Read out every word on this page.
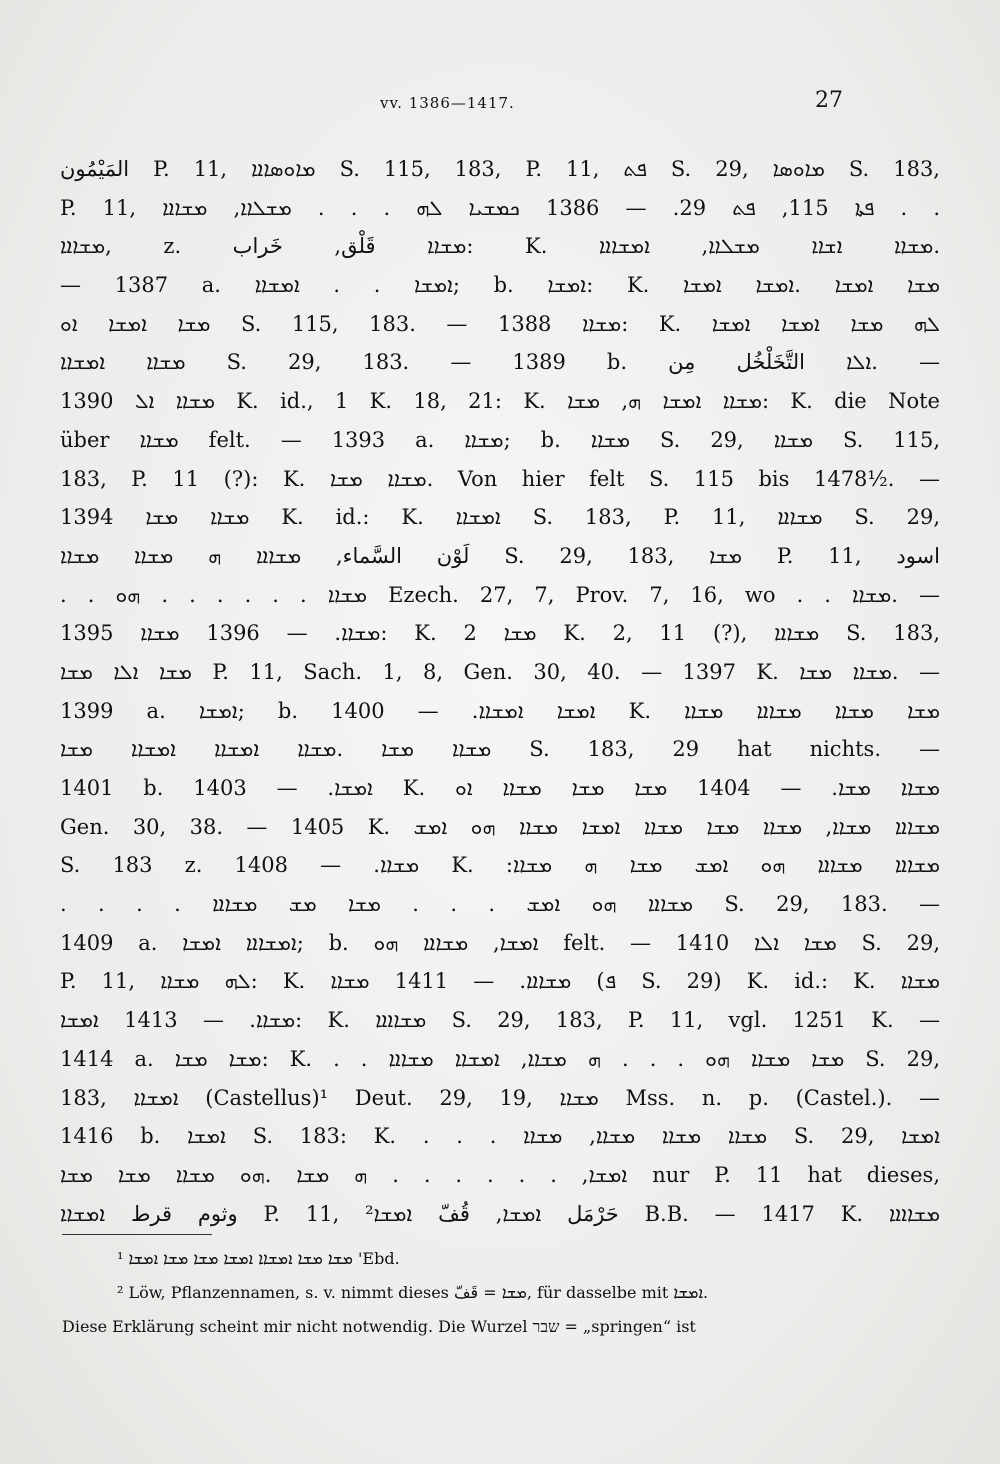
vv. 1386—1417.	27
المَيْمُون P. 11, ܡܐܘܣܐܐܐ S. 115, 183, P. 11, ܦܬ S. 29, ܡܐܘܣܐ S. 183,
P. 11, ܦܬܐ 115, ܦܬ 29. — 1386 ܟܡܫܝܐ ܠܗ . . . ܡܫܠܐܐ, ܡܫܐܐܐ . .
ܡܫܐܐܐ, z. ܡܫܐܐ قَلْق, خَراب: K. ܡܫܐܐ ܐܫܐܐ ܡܫܠܐܐ, ܐܡܫܐܐܐ.
— 1387 a. ܐܡܫܐ . . ܐܡܫܐܐ; b. ܐܡܫܐ: K. ܡܫܐ ܐܡܫܐ .ܐܡܫܐ ܐܡܫܐ
ܡܫܐ ܐܡܫܐ ܐܘ S. 115, 183. — 1388 ܡܫܐܐ: K. ܠܗ ܡܫܐ ܐܡܫܐ ܐܡܫܐ
ܡܫܐܐ ܐܡܫܐܐ S. 29, 183. — 1389 b. ܐܠܐ التَّخَلْخُل مِن. —
1390 ܡܫܐܐ ܐܠ K. id., 1 K. 18, 21: K. ܡܫܐܐ ܐܡܫܐ ܗ, ܡܫܐ: K. die Note
über ܡܫܐܐ felt. — 1393 a. ܡܫܐܐ; b. ܡܫܐܐ S. 29, ܡܫܐܐ S. 115,
183, P. 11 (?): K. ܡܫܐܐ ܡܫܐ. Von hier felt S. 115 bis 1478½. —
1394 ܡܫܐܐ ܡܫܐ K. id.: K. ܐܡܫܐܐ S. 183, P. 11, ܡܫܐܐܐ S. 29,
لَوْن السَّماء, ܡܫܐܐܐ ܗ ܡܫܐܐ ܡܫܐܐ S. 29, 183, ܡܫܐ P. 11, اسود
. . ܡܫܐܐ . . . . . . ܗܘ Ezech. 27, 7, Prov. 7, 16, wo . . ܡܫܐܐ. —
1395 ܡܫܐܐ. — 1396 ܡܫܐܐ: K. ܡܫܐ 2 K. 2, 11 (?), ܡܫܐܐܐ S. 183,
ܡܫܐ ܐܠܐ ܡܫܐ P. 11, Sach. 1, 8, Gen. 30, 40. — 1397 K. ܡܫܐܐ ܡܫܐ. —
1399 a. ܐܡܫܐ; b. ܐܡܫܐ ܐܡܫܐܐ. — 1400 K. ܡܫܐ ܡܫܐܐ ܡܫܐܐܐ ܡܫܐܐ
ܡܫܐܐ ܡܫܐ .ܡܫܐܐ ܐܡܫܐܐ ܐܡܫܐܐ ܡܫܐ S. 183, 29 hat nichts. —
1401 b. ܐܡܫܐ. — 1403 K. ܡܫܐܐ ܡܫܐ. — 1404 ܡܫܐ ܡܫܐ ܡܫܐܐ ܐܘ
Gen. 30, 38. — 1405 K. ܡܫܐܐܐ ܡܫܐܐ, ܡܫܐܐ ܡܫܐ ܡܫܐܐ ܐܡܫܐ ܡܫܐܐ ܗܘ ܐܡܫ
S. 183 z. ܡܫܐܐ. — 1408 K. :ܡܫܐܐܐ ܡܫܐܐܐ ܗܘ ܐܡܫ ܡܫܐ ܗ ܡܫܐܐ
. . . . ܡܫܐܐܐ ܗܘ ܐܡܫ . . . ܡܫܐ ܡܫ ܡܫܐܐܐ S. 29, 183. —
1409 a. ܐܡܫܐܐܐ ܐܡܫܐ; b. ܐܡܫܐ, ܡܫܐܐܐ ܗܘ felt. — 1410 ܡܫܐ ܐܠܐ S. 29,
P. 11, ܠܗ ܡܫܐܐ: K. ܡܫܐܐܐ. — 1411 ܡܫܐܐ (ܦ S. 29) K. id.: K. ܡܫܐܐ
ܡܫܐܐ. — 1413 ܐܡܫܐ: K. ܡܫܐܐܐܐ S. 29, 183, P. 11, vgl. 1251 K. —
1414 a. ܡܫܐ ܡܫܐ: K. . . ܡܫܐ ܡܫܐܐ ܗܘ . . . ܗ ܡܫܐܐ, ܐܡܫܐܐ ܡܫܐܐܐ S. 29,
183, ܐܡܫܐܐ (Castellus)¹ Deut. 29, 19, ܡܫܐܐ Mss. n. p. (Castel.). —
1416 b. ܐܡܫܐ S. 183: K. . . . ܡܫܐܐ ܡܫܐܐ ܡܫܐܐ, ܡܫܐܐ S. 29, ܐܡܫܐ
ܐܡܫܐ, . . . . . . ܗ ܡܫܐ .ܗܘ ܡܫܐܐ ܡܫܐ ܡܫܐ nur P. 11 hat dieses,
وثوم قرط ܐܡܫܐܐ P. 11, حَرْمَل ܐܡܫܐ, قُفّ ܐܡܫܐ² B.B. — 1417 K. ܡܫܐܐܐܐ
¹ ܡܫܐ ܡܫܐ ܐܡܫܐܐ ܐܡܫܐ ܡܫܐ ܡܫܐ ܐܡܫܐ 'Ebd.
² Löw, Pflanzennamen, s. v. nimmt dieses ܡܫܐ = قَفّ, für dasselbe mit ܐܡܫܐ.
Diese Erklärung scheint mir nicht notwendig. Die Wurzel שבר = „springen“ ist
